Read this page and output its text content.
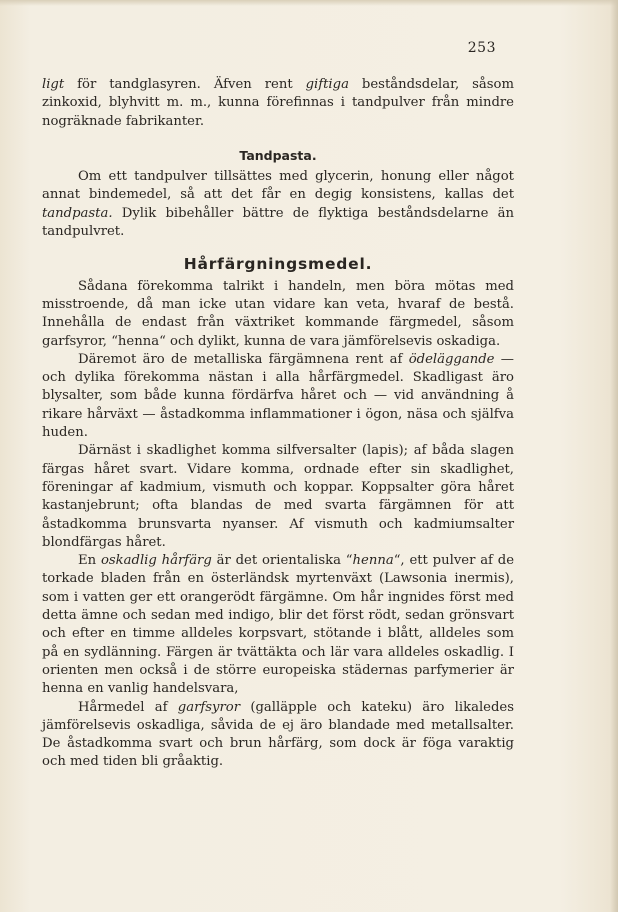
253

ligt för tandglasyren. Äfven rent giftiga beståndsdelar, såsom zinkoxid, blyhvitt m. m., kunna förefinnas i tandpulver från mindre nogräknade fabrikanter.

Tandpasta.

Om ett tandpulver tillsättes med glycerin, honung eller något annat bindemedel, så att det får en degig konsistens, kallas det tandpasta. Dylik bibehåller bättre de flyktiga beståndsdelarne än tandpulvret.

Hårfärgningsmedel.

Sådana förekomma talrikt i handeln, men böra mötas med misstroende, då man icke utan vidare kan veta, hvaraf de bestå. Innehålla de endast från växtriket kommande färgmedel, såsom garfsyror, “henna“ och dylikt, kunna de vara jämförelsevis oskadiga.

Däremot äro de metalliska färgämnena rent af ödeläggande — och dylika förekomma nästan i alla hårfärgmedel. Skadligast äro blysalter, som både kunna fördärfva håret och — vid användning å rikare hårväxt — åstadkomma inflammationer i ögon, näsa och själfva huden.

Därnäst i skadlighet komma silfversalter (lapis); af båda slagen färgas håret svart. Vidare komma, ordnade efter sin skadlighet, föreningar af kadmium, vismuth och koppar. Koppsalter göra håret kastanjebrunt; ofta blandas de med svarta färgämnen för att åstadkomma brunsvarta nyanser. Af vismuth och kadmiumsalter blondfärgas håret.

En oskadlig hårfärg är det orientaliska “henna“, ett pulver af de torkade bladen från en österländsk myrtenväxt (Lawsonia inermis), som i vatten ger ett orangerödt färgämne. Om hår ingnides först med detta ämne och sedan med indigo, blir det först rödt, sedan grönsvart och efter en timme alldeles korpsvart, stötande i blått, alldeles som på en sydlänning. Färgen är tvättäkta och lär vara alldeles oskadlig. I orienten men också i de större europeiska städernas parfymerier är henna en vanlig handelsvara,

Hårmedel af garfsyror (galläpple och kateku) äro likaledes jämförelsevis oskadliga, såvida de ej äro blandade med metallsalter. De åstadkomma svart och brun hårfärg, som dock är föga varaktig och med tiden bli gråaktig.
